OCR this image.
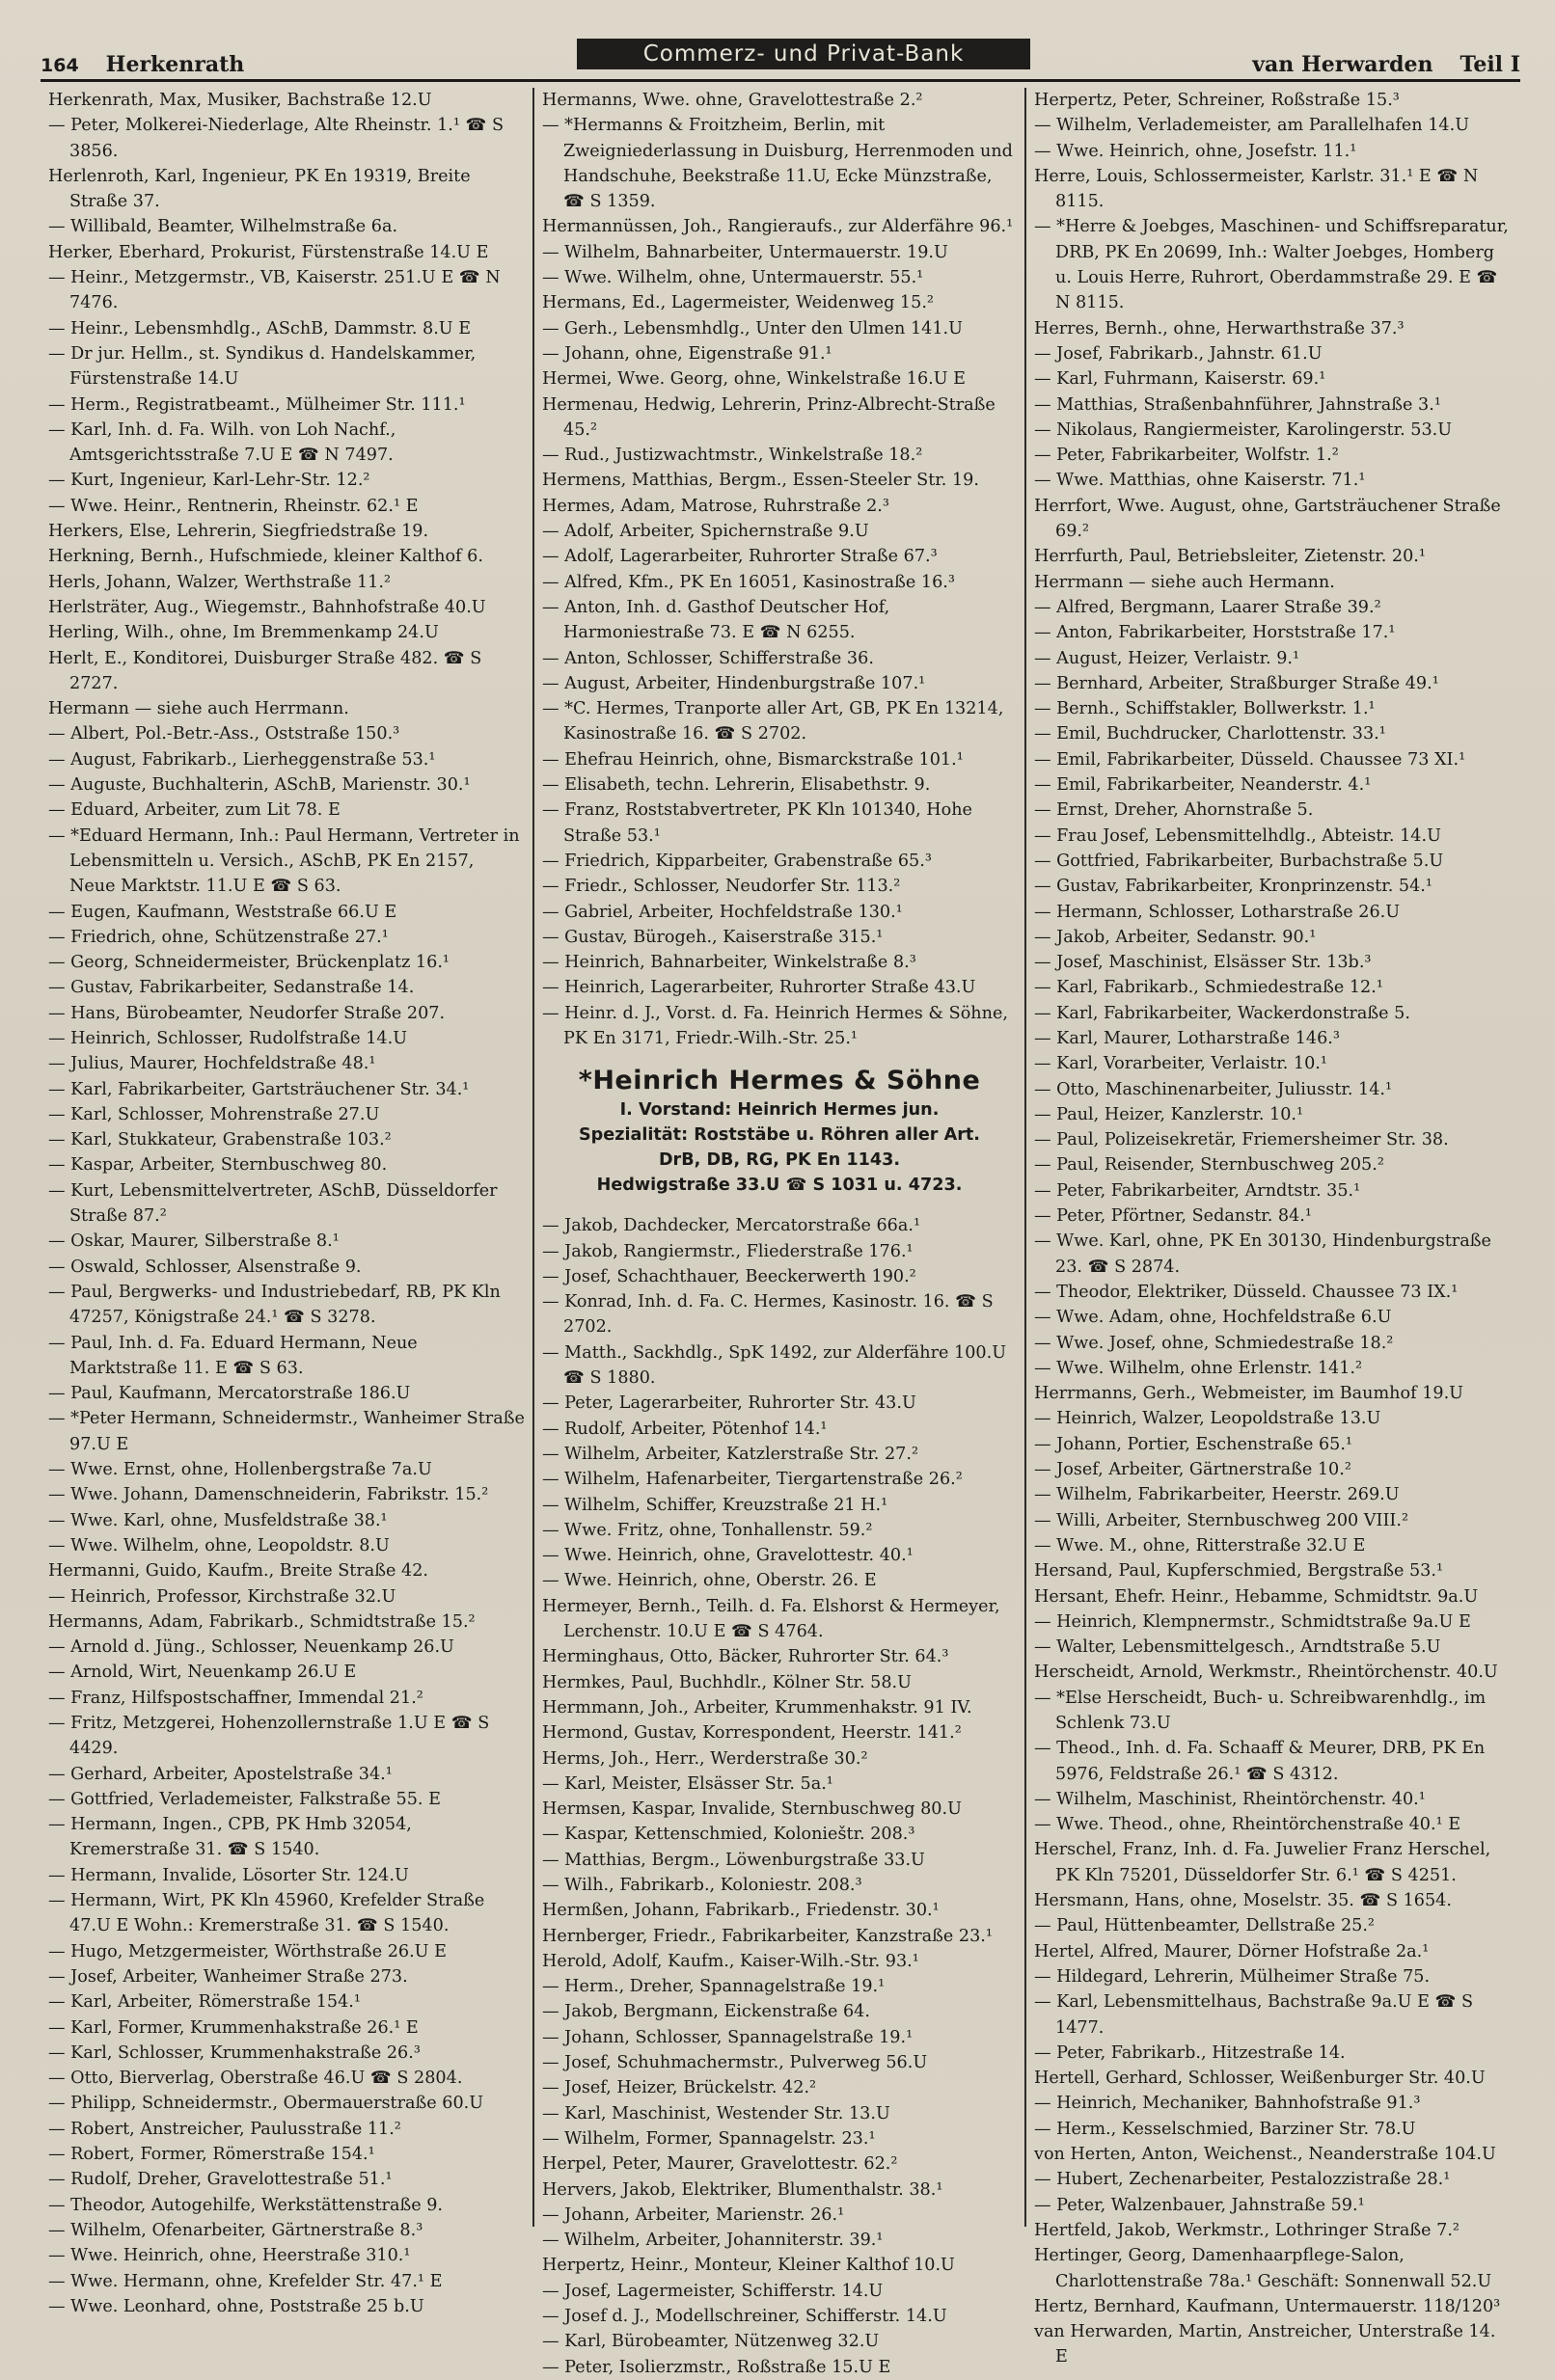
164 Herkenrath	Commerz- und Privat-Bank	van Herwarden Teil I

Herkenrath, Max, Musiker, Bachstraße 12.U

— Peter, Molkerei-Niederlage, Alte Rheinstr. 1.¹ ☎ S 3856.

Herlenroth, Karl, Ingenieur, PK En 19319, Breite Straße 37.

— Willibald, Beamter, Wilhelmstraße 6a.

Herker, Eberhard, Prokurist, Fürstenstraße 14.U E

— Heinr., Metzgermstr., VB, Kaiserstr. 251.U E ☎ N 7476.

— Heinr., Lebensmhdlg., ASchB, Dammstr. 8.U E

— Dr jur. Hellm., st. Syndikus d. Handelskammer, Fürstenstraße 14.U

— Herm., Registratbeamt., Mülheimer Str. 111.¹

— Karl, Inh. d. Fa. Wilh. von Loh Nachf., Amtsgerichtsstraße 7.U E ☎ N 7497.

— Kurt, Ingenieur, Karl-Lehr-Str. 12.²

— Wwe. Heinr., Rentnerin, Rheinstr. 62.¹ E

Herkers, Else, Lehrerin, Siegfriedstraße 19.

Herkning, Bernh., Hufschmiede, kleiner Kalthof 6.

Herls, Johann, Walzer, Werthstraße 11.²

Herlsträter, Aug., Wiegemstr., Bahnhofstraße 40.U

Herling, Wilh., ohne, Im Bremmenkamp 24.U

Herlt, E., Konditorei, Duisburger Straße 482. ☎ S 2727.

Hermann — siehe auch Herrmann.

— Albert, Pol.-Betr.-Ass., Oststraße 150.³

— August, Fabrikarb., Lierheggenstraße 53.¹

— Auguste, Buchhalterin, ASchB, Marienstr. 30.¹

— Eduard, Arbeiter, zum Lit 78. E

— *Eduard Hermann, Inh.: Paul Hermann, Vertreter in Lebensmitteln u. Versich., ASchB, PK En 2157, Neue Marktstr. 11.U E ☎ S 63.

— Eugen, Kaufmann, Weststraße 66.U E

— Friedrich, ohne, Schützenstraße 27.¹

— Georg, Schneidermeister, Brückenplatz 16.¹

— Gustav, Fabrikarbeiter, Sedanstraße 14.

— Hans, Bürobeamter, Neudorfer Straße 207.

— Heinrich, Schlosser, Rudolfstraße 14.U

— Julius, Maurer, Hochfeldstraße 48.¹

— Karl, Fabrikarbeiter, Gartsträuchener Str. 34.¹

— Karl, Schlosser, Mohrenstraße 27.U

— Karl, Stukkateur, Grabenstraße 103.²

— Kaspar, Arbeiter, Sternbuschweg 80.

— Kurt, Lebensmittelvertreter, ASchB, Düsseldorfer Straße 87.²

— Oskar, Maurer, Silberstraße 8.¹

— Oswald, Schlosser, Alsenstraße 9.

— Paul, Bergwerks- und Industriebedarf, RB, PK Kln 47257, Königstraße 24.¹ ☎ S 3278.

— Paul, Inh. d. Fa. Eduard Hermann, Neue Marktstraße 11. E ☎ S 63.

— Paul, Kaufmann, Mercatorstraße 186.U

— *Peter Hermann, Schneidermstr., Wanheimer Straße 97.U E

— Wwe. Ernst, ohne, Hollenbergstraße 7a.U

— Wwe. Johann, Damenschneiderin, Fabrikstr. 15.²

— Wwe. Karl, ohne, Musfeldstraße 38.¹

— Wwe. Wilhelm, ohne, Leopoldstr. 8.U

Hermanni, Guido, Kaufm., Breite Straße 42.

— Heinrich, Professor, Kirchstraße 32.U

Hermanns, Adam, Fabrikarb., Schmidtstraße 15.²

— Arnold d. Jüng., Schlosser, Neuenkamp 26.U

— Arnold, Wirt, Neuenkamp 26.U E

— Franz, Hilfspostschaffner, Immendal 21.²

— Fritz, Metzgerei, Hohenzollernstraße 1.U E ☎ S 4429.

— Gerhard, Arbeiter, Apostelstraße 34.¹

— Gottfried, Verlademeister, Falkstraße 55. E

— Hermann, Ingen., CPB, PK Hmb 32054, Kremerstraße 31. ☎ S 1540.

— Hermann, Invalide, Lösorter Str. 124.U

— Hermann, Wirt, PK Kln 45960, Krefelder Straße 47.U E Wohn.: Kremerstraße 31. ☎ S 1540.

— Hugo, Metzgermeister, Wörthstraße 26.U E

— Josef, Arbeiter, Wanheimer Straße 273.

— Karl, Arbeiter, Römerstraße 154.¹

— Karl, Former, Krummenhakstraße 26.¹ E

— Karl, Schlosser, Krummenhakstraße 26.³

— Otto, Bierverlag, Oberstraße 46.U ☎ S 2804.

— Philipp, Schneidermstr., Obermauerstraße 60.U

— Robert, Anstreicher, Paulusstraße 11.²

— Robert, Former, Römerstraße 154.¹

— Rudolf, Dreher, Gravelottestraße 51.¹

— Theodor, Autogehilfe, Werkstättenstraße 9.

— Wilhelm, Ofenarbeiter, Gärtnerstraße 8.³

— Wwe. Heinrich, ohne, Heerstraße 310.¹

— Wwe. Hermann, ohne, Krefelder Str. 47.¹ E

— Wwe. Leonhard, ohne, Poststraße 25 b.U

Hermanns, Wwe. ohne, Gravelottestraße 2.²

— *Hermanns & Froitzheim, Berlin, mit Zweigniederlassung in Duisburg, Herrenmoden und Handschuhe, Beekstraße 11.U, Ecke Münzstraße, ☎ S 1359.

Hermannüssen, Joh., Rangieraufs., zur Alderfähre 96.¹

— Wilhelm, Bahnarbeiter, Untermauerstr. 19.U

— Wwe. Wilhelm, ohne, Untermauerstr. 55.¹

Hermans, Ed., Lagermeister, Weidenweg 15.²

— Gerh., Lebensmhdlg., Unter den Ulmen 141.U

— Johann, ohne, Eigenstraße 91.¹

Hermei, Wwe. Georg, ohne, Winkelstraße 16.U E

Hermenau, Hedwig, Lehrerin, Prinz-Albrecht-Straße 45.²

— Rud., Justizwachtmstr., Winkelstraße 18.²

Hermens, Matthias, Bergm., Essen-Steeler Str. 19.

Hermes, Adam, Matrose, Ruhrstraße 2.³

— Adolf, Arbeiter, Spichernstraße 9.U

— Adolf, Lagerarbeiter, Ruhrorter Straße 67.³

— Alfred, Kfm., PK En 16051, Kasinostraße 16.³

— Anton, Inh. d. Gasthof Deutscher Hof, Harmoniestraße 73. E ☎ N 6255.

— Anton, Schlosser, Schifferstraße 36.

— August, Arbeiter, Hindenburgstraße 107.¹

— *C. Hermes, Tranporte aller Art, GB, PK En 13214, Kasinostraße 16. ☎ S 2702.

— Ehefrau Heinrich, ohne, Bismarckstraße 101.¹

— Elisabeth, techn. Lehrerin, Elisabethstr. 9.

— Franz, Roststabvertreter, PK Kln 101340, Hohe Straße 53.¹

— Friedrich, Kipparbeiter, Grabenstraße 65.³

— Friedr., Schlosser, Neudorfer Str. 113.²

— Gabriel, Arbeiter, Hochfeldstraße 130.¹

— Gustav, Bürogeh., Kaiserstraße 315.¹

— Heinrich, Bahnarbeiter, Winkelstraße 8.³

— Heinrich, Lagerarbeiter, Ruhrorter Straße 43.U

— Heinr. d. J., Vorst. d. Fa. Heinrich Hermes & Söhne, PK En 3171, Friedr.-Wilh.-Str. 25.¹

*Heinrich Hermes & Söhne
I. Vorstand: Heinrich Hermes jun.
Spezialität: Roststäbe u. Röhren aller Art.
DrB, DB, RG, PK En 1143.
Hedwigstraße 33.U ☎ S 1031 u. 4723.

— Jakob, Dachdecker, Mercatorstraße 66a.¹

— Jakob, Rangiermstr., Fliederstraße 176.¹

— Josef, Schachthauer, Beeckerwerth 190.²

— Konrad, Inh. d. Fa. C. Hermes, Kasinostr. 16. ☎ S 2702.

— Matth., Sackhdlg., SpK 1492, zur Alderfähre 100.U ☎ S 1880.

— Peter, Lagerarbeiter, Ruhrorter Str. 43.U

— Rudolf, Arbeiter, Pötenhof 14.¹

— Wilhelm, Arbeiter, Katzlerstraße Str. 27.²

— Wilhelm, Hafenarbeiter, Tiergartenstraße 26.²

— Wilhelm, Schiffer, Kreuzstraße 21 H.¹

— Wwe. Fritz, ohne, Tonhallenstr. 59.²

— Wwe. Heinrich, ohne, Gravelottestr. 40.¹

— Wwe. Heinrich, ohne, Oberstr. 26. E

Hermeyer, Bernh., Teilh. d. Fa. Elshorst & Hermeyer, Lerchenstr. 10.U E ☎ S 4764.

Herminghaus, Otto, Bäcker, Ruhrorter Str. 64.³

Hermkes, Paul, Buchhdlr., Kölner Str. 58.U

Hermmann, Joh., Arbeiter, Krummenhakstr. 91 IV.

Hermond, Gustav, Korrespondent, Heerstr. 141.²

Herms, Joh., Herr., Werderstraße 30.²

— Karl, Meister, Elsässer Str. 5a.¹

Hermsen, Kaspar, Invalide, Sternbuschweg 80.U

— Kaspar, Kettenschmied, Kolonieštr. 208.³

— Matthias, Bergm., Löwenburgstraße 33.U

— Wilh., Fabrikarb., Koloniestr. 208.³

Hermßen, Johann, Fabrikarb., Friedenstr. 30.¹

Hernberger, Friedr., Fabrikarbeiter, Kanzstraße 23.¹

Herold, Adolf, Kaufm., Kaiser-Wilh.-Str. 93.¹

— Herm., Dreher, Spannagelstraße 19.¹

— Jakob, Bergmann, Eickenstraße 64.

— Johann, Schlosser, Spannagelstraße 19.¹

— Josef, Schuhmachermstr., Pulverweg 56.U

— Josef, Heizer, Brückelstr. 42.²

— Karl, Maschinist, Westender Str. 13.U

— Wilhelm, Former, Spannagelstr. 23.¹

Herpel, Peter, Maurer, Gravelottestr. 62.²

Hervers, Jakob, Elektriker, Blumenthalstr. 38.¹

— Johann, Arbeiter, Marienstr. 26.¹

— Wilhelm, Arbeiter, Johanniterstr. 39.¹

Herpertz, Heinr., Monteur, Kleiner Kalthof 10.U

— Josef, Lagermeister, Schifferstr. 14.U

— Josef d. J., Modellschreiner, Schifferstr. 14.U

— Karl, Bürobeamter, Nützenweg 32.U

— Peter, Isolierzmstr., Roßstraße 15.U E

Herpertz, Peter, Schreiner, Roßstraße 15.³

— Wilhelm, Verlademeister, am Parallelhafen 14.U

— Wwe. Heinrich, ohne, Josefstr. 11.¹

Herre, Louis, Schlossermeister, Karlstr. 31.¹ E ☎ N 8115.

— *Herre & Joebges, Maschinen- und Schiffsreparatur, DRB, PK En 20699, Inh.: Walter Joebges, Homberg u. Louis Herre, Ruhrort, Oberdammstraße 29. E ☎ N 8115.

Herres, Bernh., ohne, Herwarthstraße 37.³

— Josef, Fabrikarb., Jahnstr. 61.U

— Karl, Fuhrmann, Kaiserstr. 69.¹

— Matthias, Straßenbahnführer, Jahnstraße 3.¹

— Nikolaus, Rangiermeister, Karolingerstr. 53.U

— Peter, Fabrikarbeiter, Wolfstr. 1.²

— Wwe. Matthias, ohne Kaiserstr. 71.¹

Herrfort, Wwe. August, ohne, Gartsträuchener Straße 69.²

Herrfurth, Paul, Betriebsleiter, Zietenstr. 20.¹

Herrmann — siehe auch Hermann.

— Alfred, Bergmann, Laarer Straße 39.²

— Anton, Fabrikarbeiter, Horststraße 17.¹

— August, Heizer, Verlaistr. 9.¹

— Bernhard, Arbeiter, Straßburger Straße 49.¹

— Bernh., Schiffstakler, Bollwerkstr. 1.¹

— Emil, Buchdrucker, Charlottenstr. 33.¹

— Emil, Fabrikarbeiter, Düsseld. Chaussee 73 XI.¹

— Emil, Fabrikarbeiter, Neanderstr. 4.¹

— Ernst, Dreher, Ahornstraße 5.

— Frau Josef, Lebensmittelhdlg., Abteistr. 14.U

— Gottfried, Fabrikarbeiter, Burbachstraße 5.U

— Gustav, Fabrikarbeiter, Kronprinzenstr. 54.¹

— Hermann, Schlosser, Lotharstraße 26.U

— Jakob, Arbeiter, Sedanstr. 90.¹

— Josef, Maschinist, Elsässer Str. 13b.³

— Karl, Fabrikarb., Schmiedestraße 12.¹

— Karl, Fabrikarbeiter, Wackerdonstraße 5.

— Karl, Maurer, Lotharstraße 146.³

— Karl, Vorarbeiter, Verlaistr. 10.¹

— Otto, Maschinenarbeiter, Juliusstr. 14.¹

— Paul, Heizer, Kanzlerstr. 10.¹

— Paul, Polizeisekretär, Friemersheimer Str. 38.

— Paul, Reisender, Sternbuschweg 205.²

— Peter, Fabrikarbeiter, Arndtstr. 35.¹

— Peter, Pförtner, Sedanstr. 84.¹

— Wwe. Karl, ohne, PK En 30130, Hindenburgstraße 23. ☎ S 2874.

— Theodor, Elektriker, Düsseld. Chaussee 73 IX.¹

— Wwe. Adam, ohne, Hochfeldstraße 6.U

— Wwe. Josef, ohne, Schmiedestraße 18.²

— Wwe. Wilhelm, ohne Erlenstr. 141.²

Herrmanns, Gerh., Webmeister, im Baumhof 19.U

— Heinrich, Walzer, Leopoldstraße 13.U

— Johann, Portier, Eschenstraße 65.¹

— Josef, Arbeiter, Gärtnerstraße 10.²

— Wilhelm, Fabrikarbeiter, Heerstr. 269.U

— Willi, Arbeiter, Sternbuschweg 200 VIII.²

— Wwe. M., ohne, Ritterstraße 32.U E

Hersand, Paul, Kupferschmied, Bergstraße 53.¹

Hersant, Ehefr. Heinr., Hebamme, Schmidtstr. 9a.U

— Heinrich, Klempnermstr., Schmidtstraße 9a.U E

— Walter, Lebensmittelgesch., Arndtstraße 5.U

Herscheidt, Arnold, Werkmstr., Rheintörchenstr. 40.U

— *Else Herscheidt, Buch- u. Schreibwarenhdlg., im Schlenk 73.U

— Theod., Inh. d. Fa. Schaaff & Meurer, DRB, PK En 5976, Feldstraße 26.¹ ☎ S 4312.

— Wilhelm, Maschinist, Rheintörchenstr. 40.¹

— Wwe. Theod., ohne, Rheintörchenstraße 40.¹ E

Herschel, Franz, Inh. d. Fa. Juwelier Franz Herschel, PK Kln 75201, Düsseldorfer Str. 6.¹ ☎ S 4251.

Hersmann, Hans, ohne, Moselstr. 35. ☎ S 1654.

— Paul, Hüttenbeamter, Dellstraße 25.²

Hertel, Alfred, Maurer, Dörner Hofstraße 2a.¹

— Hildegard, Lehrerin, Mülheimer Straße 75.

— Karl, Lebensmittelhaus, Bachstraße 9a.U E ☎ S 1477.

— Peter, Fabrikarb., Hitzestraße 14.

Hertell, Gerhard, Schlosser, Weißenburger Str. 40.U

— Heinrich, Mechaniker, Bahnhofstraße 91.³

— Herm., Kesselschmied, Barziner Str. 78.U

von Herten, Anton, Weichenst., Neanderstraße 104.U

— Hubert, Zechenarbeiter, Pestalozzistraße 28.¹

— Peter, Walzenbauer, Jahnstraße 59.¹

Hertfeld, Jakob, Werkmstr., Lothringer Straße 7.²

Hertinger, Georg, Damenhaarpflege-Salon, Charlottenstraße 78a.¹ Geschäft: Sonnenwall 52.U

Hertz, Bernhard, Kaufmann, Untermauerstr. 118/120³

van Herwarden, Martin, Anstreicher, Unterstraße 14. E
